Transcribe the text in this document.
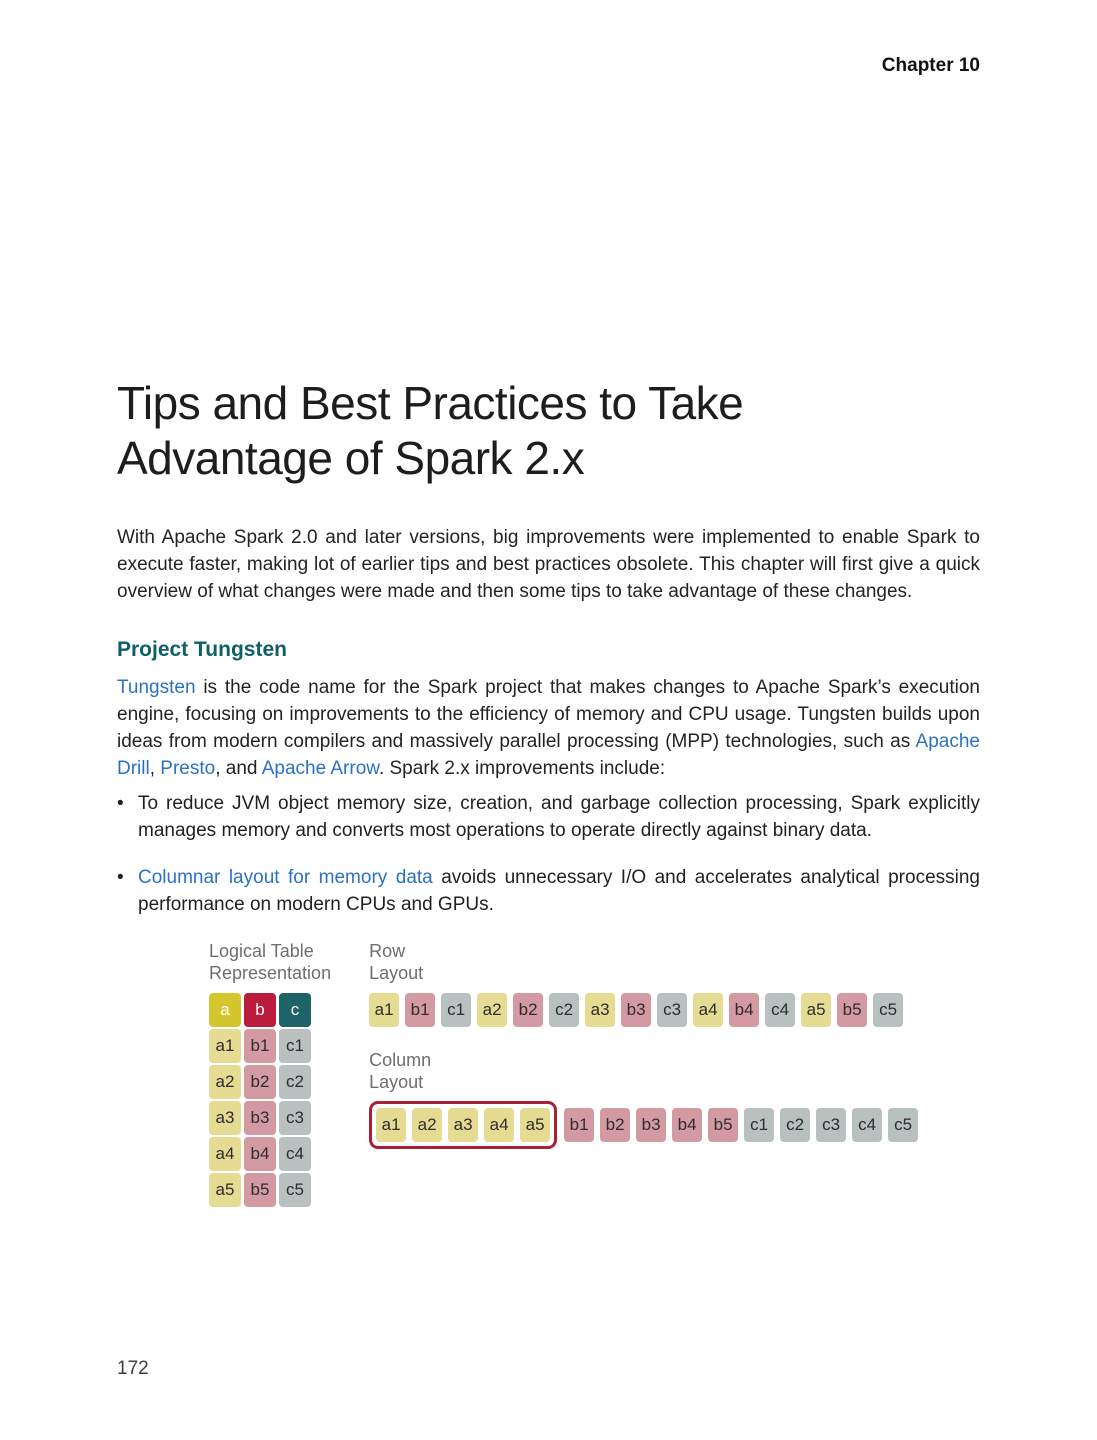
Chapter 10
Tips and Best Practices to Take
Advantage of Spark 2.x

With Apache Spark 2.0 and later versions, big improvements were implemented to enable Spark to execute faster, making lot of earlier tips and best practices obsolete. This chapter will first give a quick overview of what changes were made and then some tips to take advantage of these changes.

Project Tungsten

Tungsten is the code name for the Spark project that makes changes to Apache Spark’s execution engine, focusing on improvements to the efficiency of memory and CPU usage. Tungsten builds upon ideas from modern compilers and massively parallel processing (MPP) technologies, such as Apache Drill, Presto, and Apache Arrow. Spark 2.x improvements include:

•
To reduce JVM object memory size, creation, and garbage collection processing, Spark explicitly manages memory and converts most operations to operate directly against binary data.
•
Columnar layout for memory data avoids unnecessary I/O and accelerates analytical processing performance on modern CPUs and GPUs.
Logical Table
Representation
a	b	c
a1 b1 c1
a2 b2 c2
a3 b3 c3
a4 b4 c4
a5 b5 c5
Row
Layout
a1	b1	c1	a2	b2	c2	a3	b3	c3	a4	b4	c4	a5	b5	c5
Column
Layout
a1	a2	a3	a4	a5	b1	b2	b3	b4	b5	c1	c2	c3	c4	c5
172
